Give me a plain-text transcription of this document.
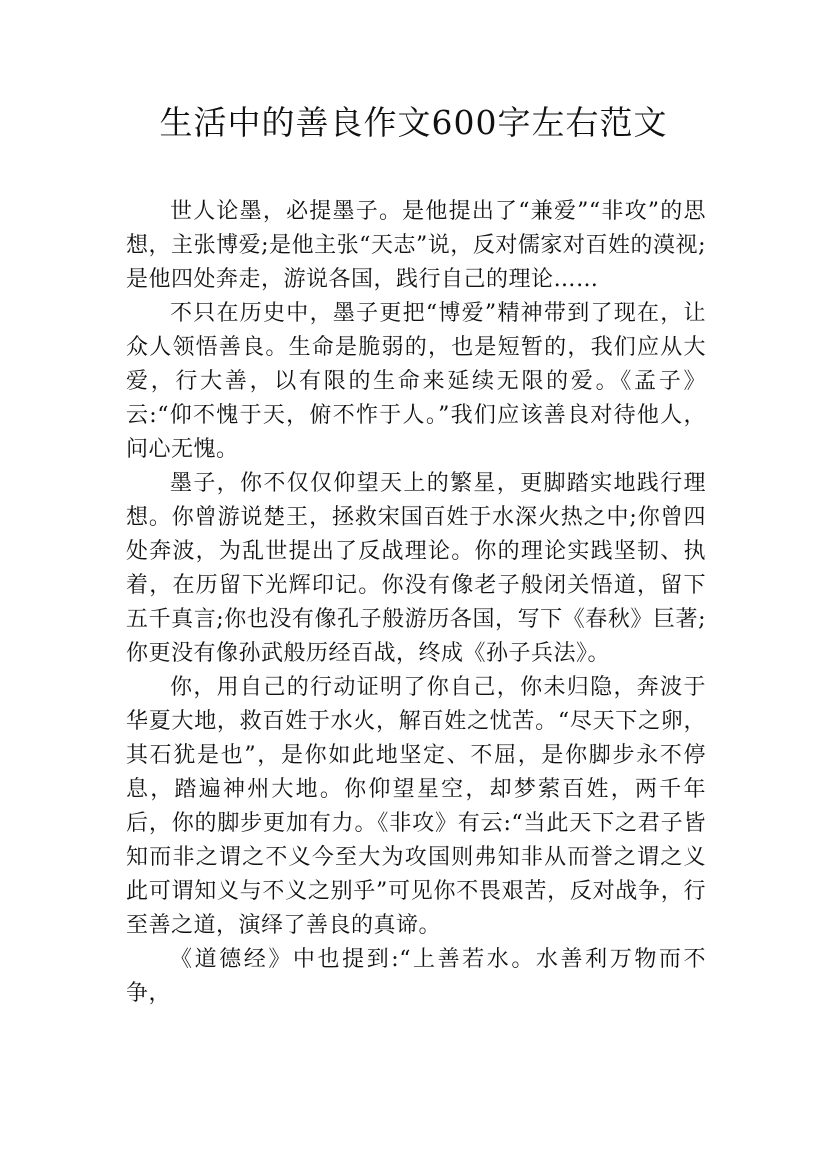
生活中的善良作文600字左右范文

世人论墨，必提墨子。是他提出了“兼爱”“非攻”的思想，主张博爱;是他主张“天志”说，反对儒家对百姓的漠视;是他四处奔走，游说各国，践行自己的理论……

不只在历史中，墨子更把“博爱”精神带到了现在，让众人领悟善良。生命是脆弱的，也是短暂的，我们应从大爱，行大善，以有限的生命来延续无限的爱。《孟子》云:“仰不愧于天，俯不怍于人。”我们应该善良对待他人，问心无愧。

墨子，你不仅仅仰望天上的繁星，更脚踏实地践行理想。你曾游说楚王，拯救宋国百姓于水深火热之中;你曾四处奔波，为乱世提出了反战理论。你的理论实践坚韧、执着，在历留下光辉印记。你没有像老子般闭关悟道，留下五千真言;你也没有像孔子般游历各国，写下《春秋》巨著;你更没有像孙武般历经百战，终成《孙子兵法》。

你，用自己的行动证明了你自己，你未归隐，奔波于华夏大地，救百姓于水火，解百姓之忧苦。“尽天下之卵，其石犹是也”，是你如此地坚定、不屈，是你脚步永不停息，踏遍神州大地。你仰望星空，却梦萦百姓，两千年后，你的脚步更加有力。《非攻》有云:“当此天下之君子皆知而非之谓之不义今至大为攻国则弗知非从而誉之谓之义此可谓知义与不义之别乎”可见你不畏艰苦，反对战争，行至善之道，演绎了善良的真谛。

《道德经》中也提到:“上善若水。水善利万物而不争，
